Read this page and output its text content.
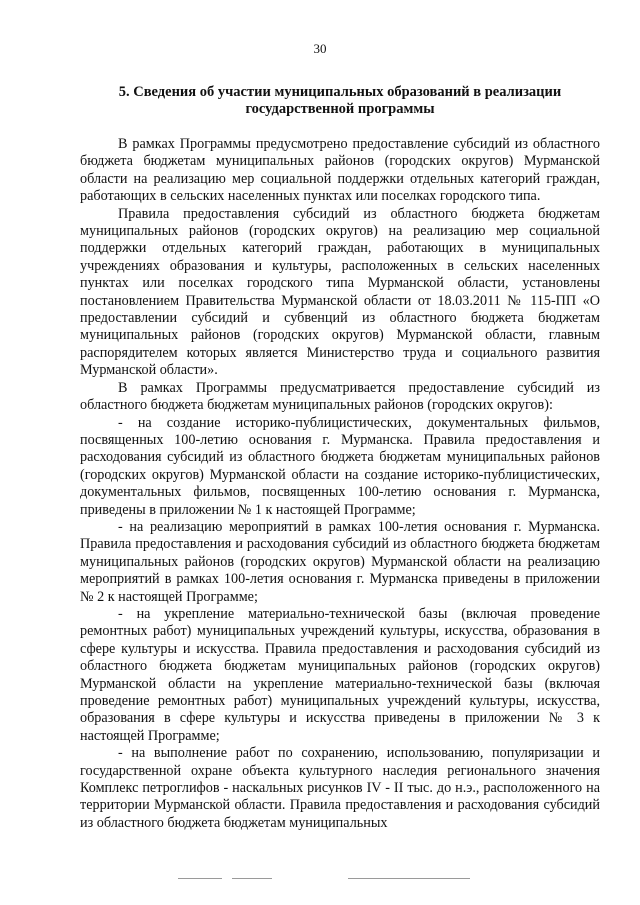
30
5. Сведения об участии муниципальных образований в реализации
государственной программы

В рамках Программы предусмотрено предоставление субсидий из областного бюджета бюджетам муниципальных районов (городских округов) Мурманской области на реализацию мер социальной поддержки отдельных категорий граждан, работающих в сельских населенных пунктах или поселках городского типа.

Правила предоставления субсидий из областного бюджета бюджетам муниципальных районов (городских округов) на реализацию мер социальной поддержки отдельных категорий граждан, работающих в муниципальных учреждениях образования и культуры, расположенных в сельских населенных пунктах или поселках городского типа Мурманской области, установлены постановлением Правительства Мурманской области от 18.03.2011 № 115-ПП «О предоставлении субсидий и субвенций из областного бюджета бюджетам муниципальных районов (городских округов) Мурманской области, главным распорядителем которых является Министерство труда и социального развития Мурманской области».

В рамках Программы предусматривается предоставление субсидий из областного бюджета бюджетам муниципальных районов (городских округов):

- на создание историко-публицистических, документальных фильмов, посвященных 100-летию основания г. Мурманска. Правила предоставления и расходования субсидий из областного бюджета бюджетам муниципальных районов (городских округов) Мурманской области на создание историко-публицистических, документальных фильмов, посвященных 100-летию основания г. Мурманска, приведены в приложении № 1 к настоящей Программе;

- на реализацию мероприятий в рамках 100-летия основания г. Мурманска. Правила предоставления и расходования субсидий из областного бюджета бюджетам муниципальных районов (городских округов) Мурманской области на реализацию мероприятий в рамках 100-летия основания г. Мурманска приведены в приложении № 2 к настоящей Программе;

- на укрепление материально-технической базы (включая проведение ремонтных работ) муниципальных учреждений культуры, искусства, образования в сфере культуры и искусства. Правила предоставления и расходования субсидий из областного бюджета бюджетам муниципальных районов (городских округов) Мурманской области на укрепление материально-технической базы (включая проведение ремонтных работ) муниципальных учреждений культуры, искусства, образования в сфере культуры и искусства приведены в приложении № 3 к настоящей Программе;

- на выполнение работ по сохранению, использованию, популяризации и государственной охране объекта культурного наследия регионального значения Комплекс петроглифов - наскальных рисунков IV - II тыс. до н.э., расположенного на территории Мурманской области. Правила предоставления и расходования субсидий из областного бюджета бюджетам муниципальных
